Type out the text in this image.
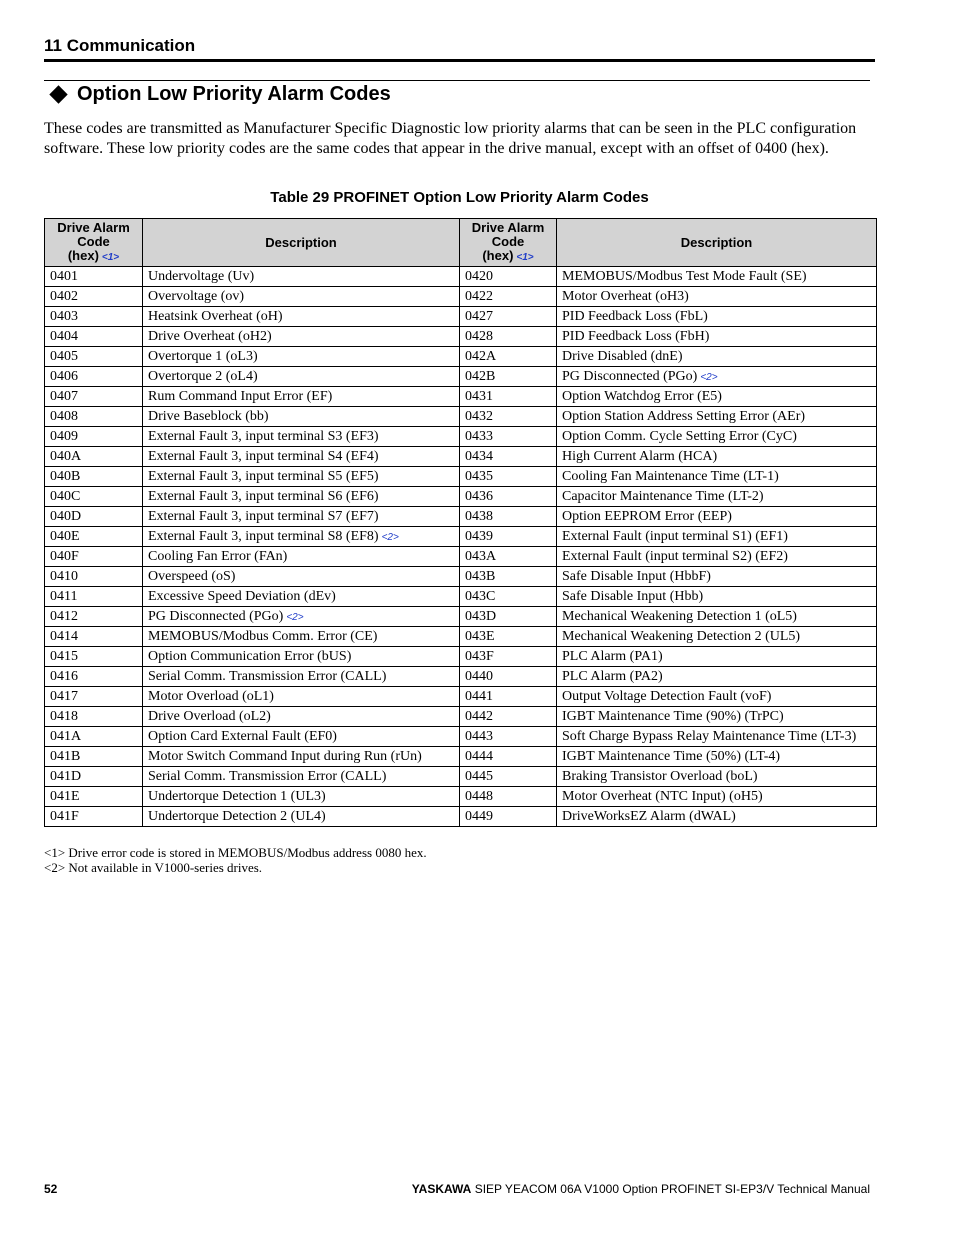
11 Communication
Option Low Priority Alarm Codes

These codes are transmitted as Manufacturer Specific Diagnostic low priority alarms that can be seen in the PLC configuration software. These low priority codes are the same codes that appear in the drive manual, except with an offset of 0400 (hex).

Table 29 PROFINET Option Low Priority Alarm Codes
Drive Alarm
Code
(hex) <1>	Description	Drive Alarm
Code
(hex) <1>	Description
0401	Undervoltage (Uv)	0420	MEMOBUS/Modbus Test Mode Fault (SE)
0402	Overvoltage (ov)	0422	Motor Overheat (oH3)
0403	Heatsink Overheat (oH)	0427	PID Feedback Loss (FbL)
0404	Drive Overheat (oH2)	0428	PID Feedback Loss (FbH)
0405	Overtorque 1 (oL3)	042A	Drive Disabled (dnE)
0406	Overtorque 2 (oL4)	042B	PG Disconnected (PGo) <2>
0407	Rum Command Input Error (EF)	0431	Option Watchdog Error (E5)
0408	Drive Baseblock (bb)	0432	Option Station Address Setting Error (AEr)
0409	External Fault 3, input terminal S3 (EF3)	0433	Option Comm. Cycle Setting Error (CyC)
040A	External Fault 3, input terminal S4 (EF4)	0434	High Current Alarm (HCA)
040B	External Fault 3, input terminal S5 (EF5)	0435	Cooling Fan Maintenance Time (LT-1)
040C	External Fault 3, input terminal S6 (EF6)	0436	Capacitor Maintenance Time (LT-2)
040D	External Fault 3, input terminal S7 (EF7)	0438	Option EEPROM Error (EEP)
040E	External Fault 3, input terminal S8 (EF8) <2>	0439	External Fault (input terminal S1) (EF1)
040F	Cooling Fan Error (FAn)	043A	External Fault (input terminal S2) (EF2)
0410	Overspeed (oS)	043B	Safe Disable Input (HbbF)
0411	Excessive Speed Deviation (dEv)	043C	Safe Disable Input (Hbb)
0412	PG Disconnected (PGo) <2>	043D	Mechanical Weakening Detection 1 (oL5)
0414	MEMOBUS/Modbus Comm. Error (CE)	043E	Mechanical Weakening Detection 2 (UL5)
0415	Option Communication Error (bUS)	043F	PLC Alarm (PA1)
0416	Serial Comm. Transmission Error (CALL)	0440	PLC Alarm (PA2)
0417	Motor Overload (oL1)	0441	Output Voltage Detection Fault (voF)
0418	Drive Overload (oL2)	0442	IGBT Maintenance Time (90%) (TrPC)
041A	Option Card External Fault (EF0)	0443	Soft Charge Bypass Relay Maintenance Time (LT-3)
041B	Motor Switch Command Input during Run (rUn)	0444	IGBT Maintenance Time (50%) (LT-4)
041D	Serial Comm. Transmission Error (CALL)	0445	Braking Transistor Overload (boL)
041E	Undertorque Detection 1 (UL3)	0448	Motor Overheat (NTC Input) (oH5)
041F	Undertorque Detection 2 (UL4)	0449	DriveWorksEZ Alarm (dWAL)
<1> Drive error code is stored in MEMOBUS/Modbus address 0080 hex.
<2> Not available in V1000-series drives.
52	YASKAWA SIEP YEACOM 06A V1000 Option PROFINET SI-EP3/V Technical Manual
